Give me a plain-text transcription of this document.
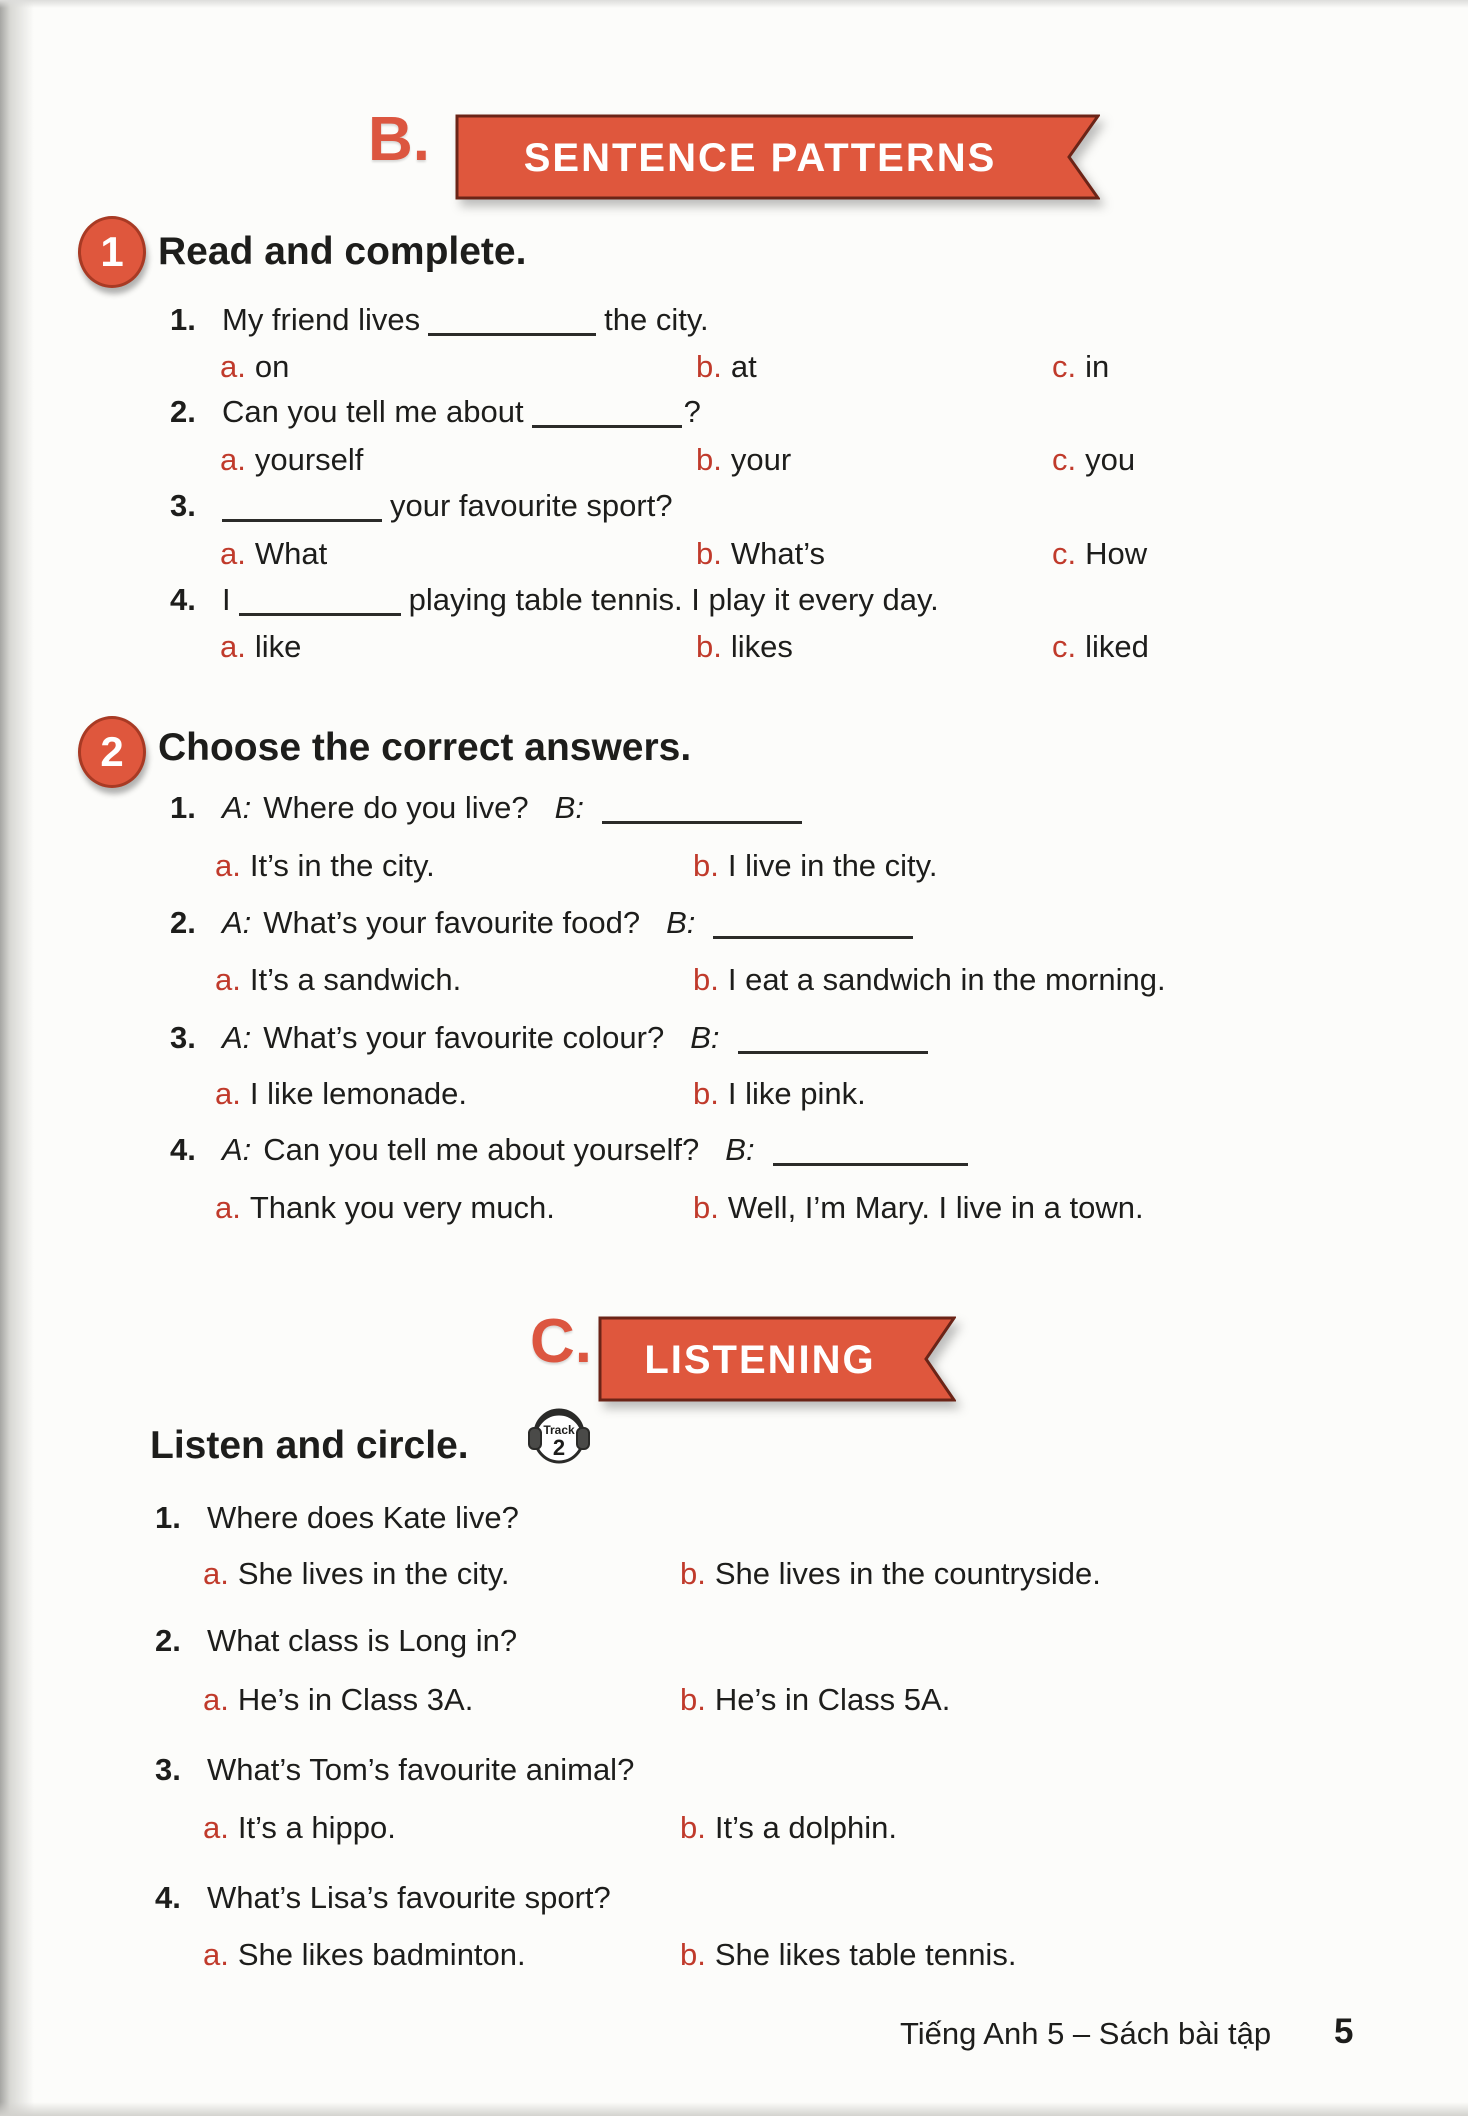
B. SENTENCE PATTERNS
1 Read and complete.
1. My friend lives	the city.
a. on	b. at	c. in
2. Can you tell me about	?
a. yourself	b. your	c. you
3.	your favourite sport?
a. What	b. What’s	c. How
4. I	playing table tennis. I play it every day.
a. like	b. likes	c. liked
2 Choose the correct answers.
1. A: Where do you live? B:
a. It’s in the city.	b. I live in the city.
2. A: What’s your favourite food? B:
a. It’s a sandwich.	b. I eat a sandwich in the morning.
3. A: What’s your favourite colour? B:
a. I like lemonade.	b. I like pink.
4. A: Can you tell me about yourself? B:
a. Thank you very much.	b. Well, I’m Mary. I live in a town.
C. LISTENING
Listen and circle.	Track
2
1. Where does Kate live?
a. She lives in the city.	b. She lives in the countryside.
2. What class is Long in?
a. He’s in Class 3A.	b. He’s in Class 5A.
3. What’s Tom’s favourite animal?
a. It’s a hippo.	b. It’s a dolphin.
4. What’s Lisa’s favourite sport?
a. She likes badminton.	b. She likes table tennis.
Tiếng Anh 5 – Sách bài tập 5
